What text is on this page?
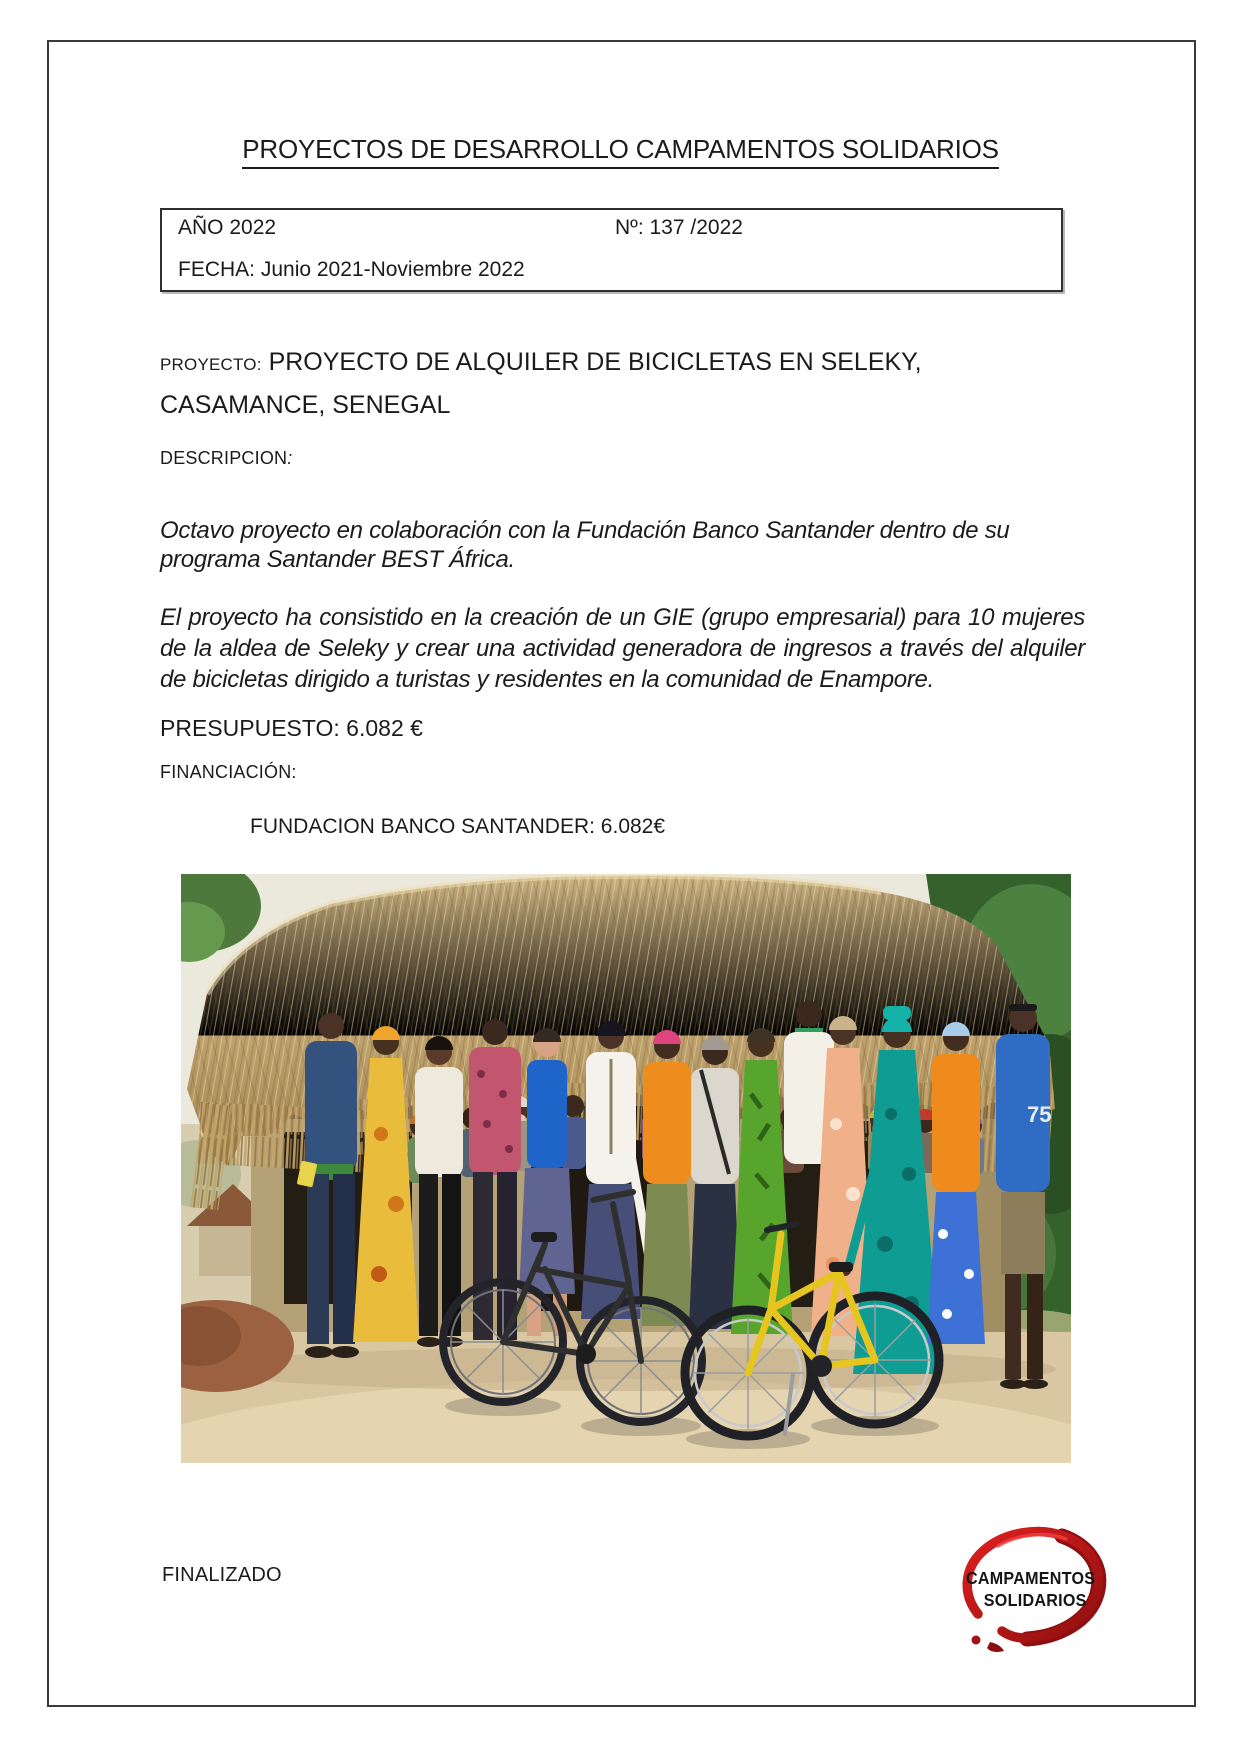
PROYECTOS DE DESARROLLO CAMPAMENTOS SOLIDARIOS
AÑO 2022	Nº: 137 /2022
FECHA: Junio 2021-Noviembre 2022
PROYECTO: PROYECTO DE ALQUILER DE BICICLETAS EN SELEKY,
CASAMANCE, SENEGAL
DESCRIPCION:

Octavo proyecto en colaboración con la Fundación Banco Santander dentro de su programa Santander BEST África.

El proyecto ha consistido en la creación de un GIE (grupo empresarial) para 10 mujeres de la aldea de Seleky y crear una actividad generadora de ingresos a través del alquiler de bicicletas dirigido a turistas y residentes en la comunidad de Enampore.

PRESUPUESTO: 6.082 €
FINANCIACIÓN:
FUNDACION BANCO SANTANDER: 6.082€
75
FINALIZADO	CAMPAMENTOS
SOLIDARIOS
